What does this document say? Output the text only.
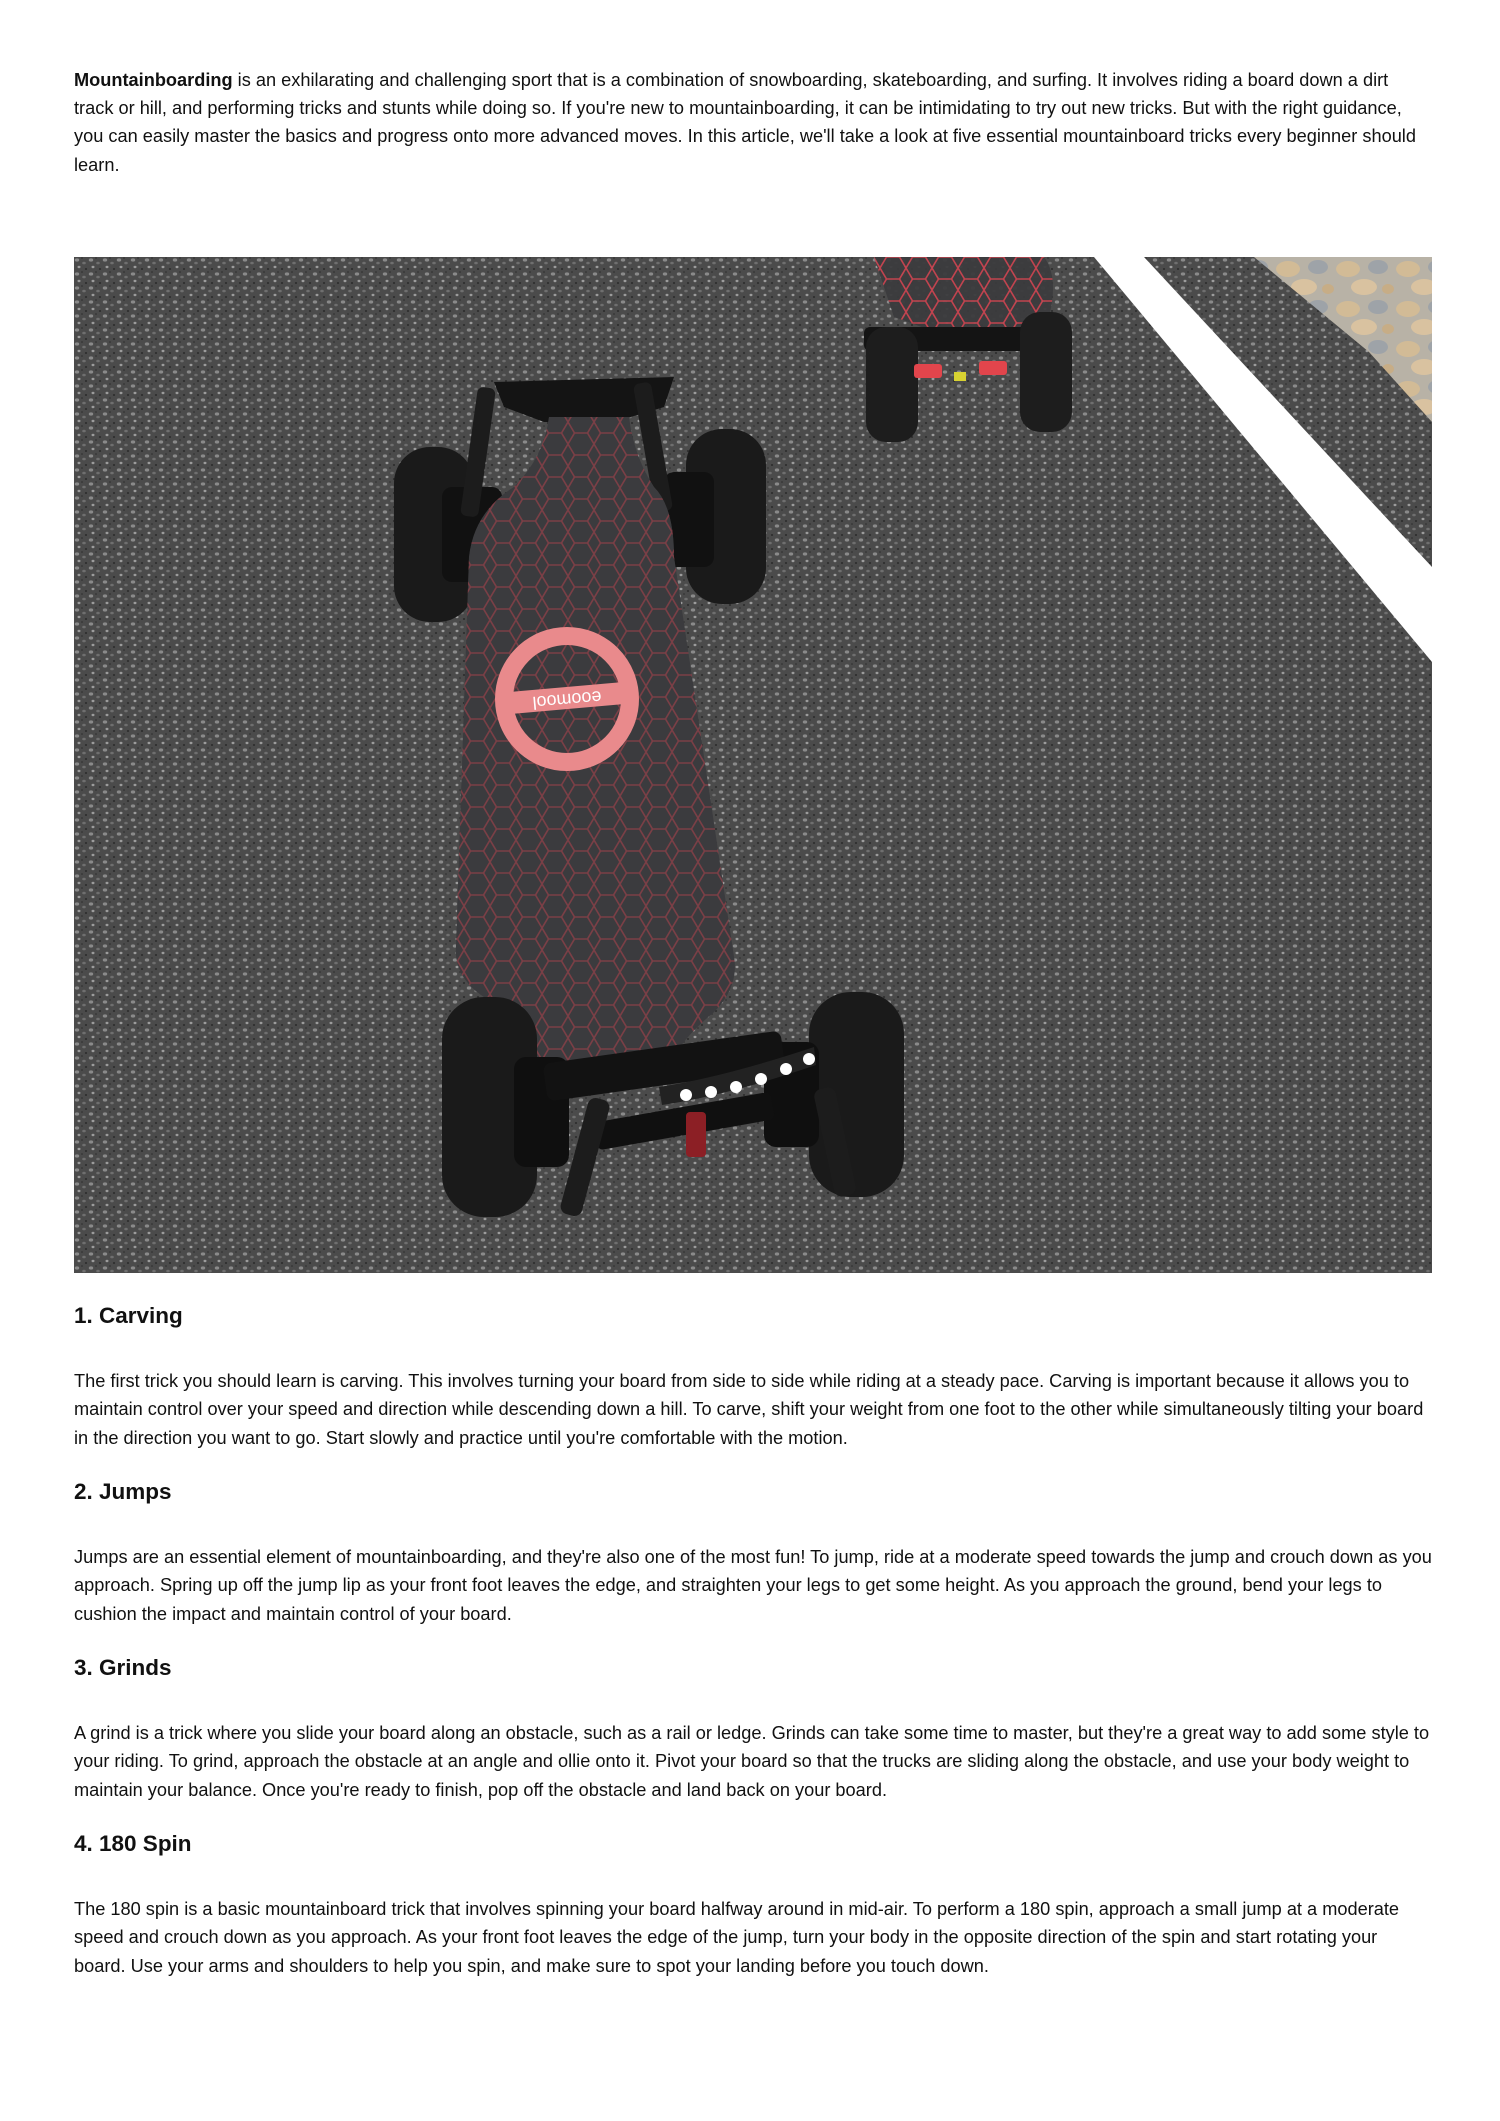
Mountainboarding is an exhilarating and challenging sport that is a combination of snowboarding, skateboarding, and surfing. It involves riding a board down a dirt track or hill, and performing tricks and stunts while doing so. If you're new to mountainboarding, it can be intimidating to try out new tricks. But with the right guidance, you can easily master the basics and progress onto more advanced moves. In this article, we'll take a look at five essential mountainboard tricks every beginner should learn.

eoomool
1. Carving

The first trick you should learn is carving. This involves turning your board from side to side while riding at a steady pace. Carving is important because it allows you to maintain control over your speed and direction while descending down a hill. To carve, shift your weight from one foot to the other while simultaneously tilting your board in the direction you want to go. Start slowly and practice until you're comfortable with the motion.

2. Jumps

Jumps are an essential element of mountainboarding, and they're also one of the most fun! To jump, ride at a moderate speed towards the jump and crouch down as you approach. Spring up off the jump lip as your front foot leaves the edge, and straighten your legs to get some height. As you approach the ground, bend your legs to cushion the impact and maintain control of your board.

3. Grinds

A grind is a trick where you slide your board along an obstacle, such as a rail or ledge. Grinds can take some time to master, but they're a great way to add some style to your riding. To grind, approach the obstacle at an angle and ollie onto it. Pivot your board so that the trucks are sliding along the obstacle, and use your body weight to maintain your balance. Once you're ready to finish, pop off the obstacle and land back on your board.

4. 180 Spin

The 180 spin is a basic mountainboard trick that involves spinning your board halfway around in mid-air. To perform a 180 spin, approach a small jump at a moderate speed and crouch down as you approach. As your front foot leaves the edge of the jump, turn your body in the opposite direction of the spin and start rotating your board. Use your arms and shoulders to help you spin, and make sure to spot your landing before you touch down.
